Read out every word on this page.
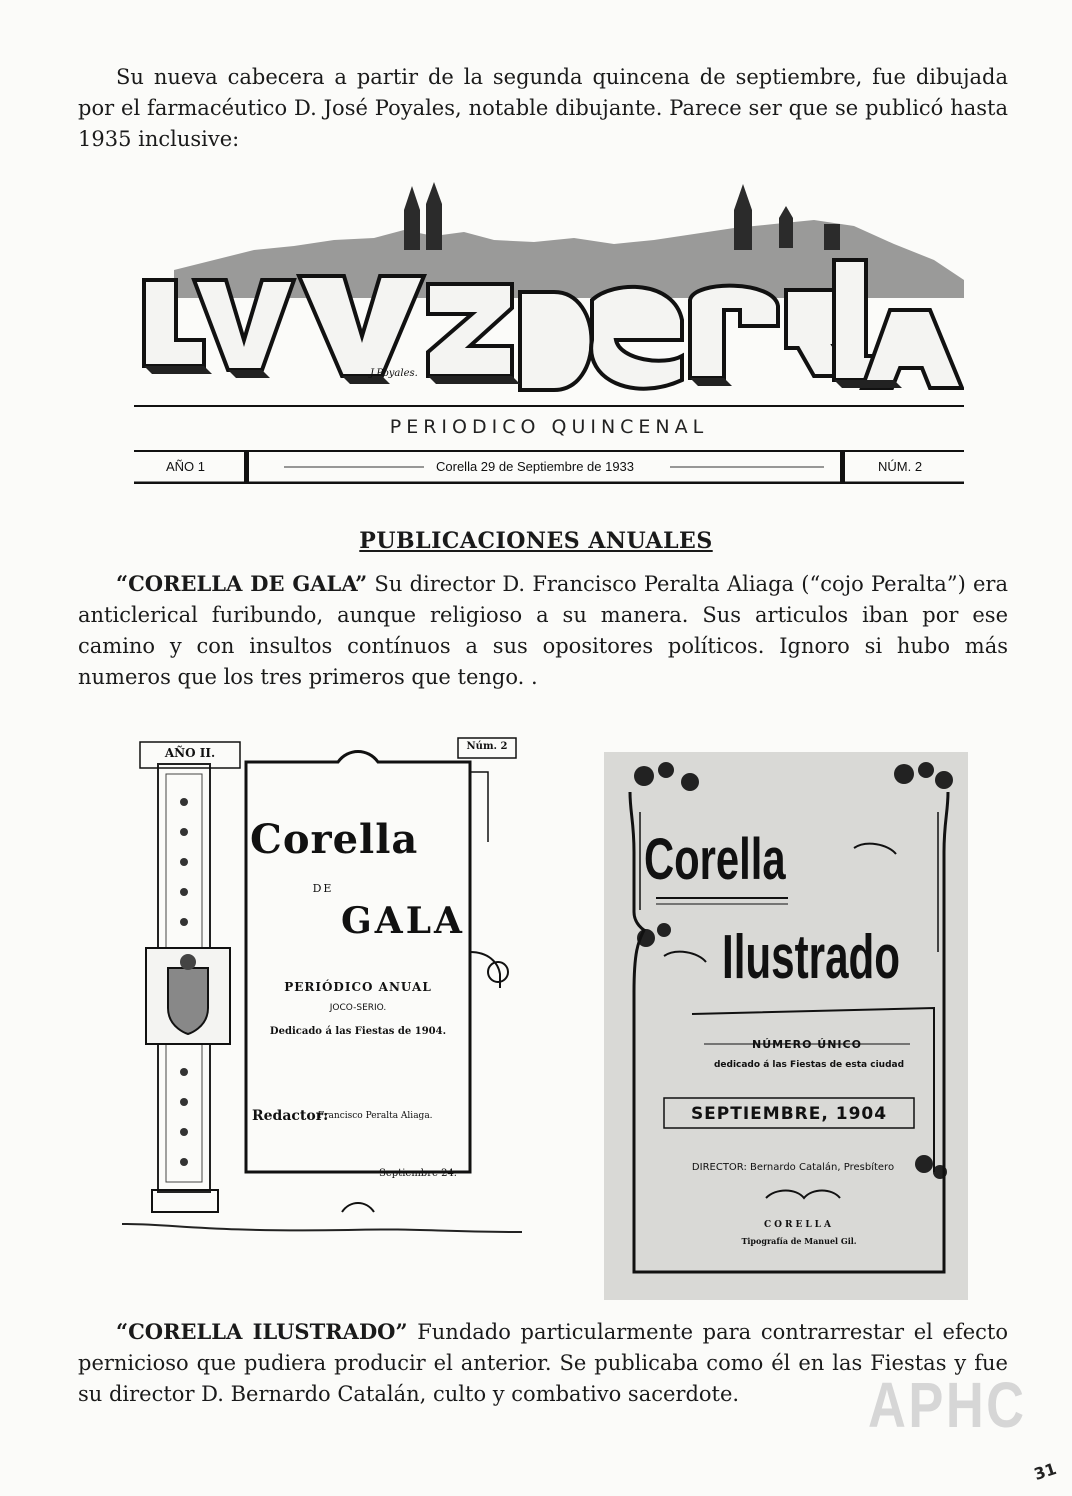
Su nueva cabecera a partir de la segunda quincena de septiembre, fue dibujada por el farmacéutico D. José Poyales, notable dibujante. Parece ser que se publicó hasta 1935 inclusive:

J.Poyales.
PERIODICO QUINCENAL
AÑO 1	Corella 29 de Septiembre de 1933	NÚM. 2
PUBLICACIONES ANUALES

“CORELLA DE GALA” Su director D. Francisco Peralta Aliaga (“cojo Peralta”) era anticlerical furibundo, aunque religioso a su manera. Sus articulos iban por ese camino y con insultos contínuos a sus opositores políticos. Ignoro si hubo más numeros que los tres primeros que tengo. .

AÑO II.	Núm. 2
Corella
DE
GALA
PERIÓDICO ANUAL
JOCO-SERIO.
Dedicado á las Fiestas de 1904.
Redactor:
Francisco Peralta Aliaga.
Septiembre 24.
Corella
Ilustrado
NÚMERO ÚNICO
dedicado á las Fiestas de esta ciudad
SEPTIEMBRE, 1904
DIRECTOR: Bernardo Catalán, Presbítero
CORELLA
Tipografía de Manuel Gil.

“CORELLA ILUSTRADO” Fundado particularmente para contrarrestar el efecto pernicioso que pudiera producir el anterior. Se publicaba como él en las Fiestas y fue su director D. Bernardo Catalán, culto y combativo sacerdote.	APHC
31
